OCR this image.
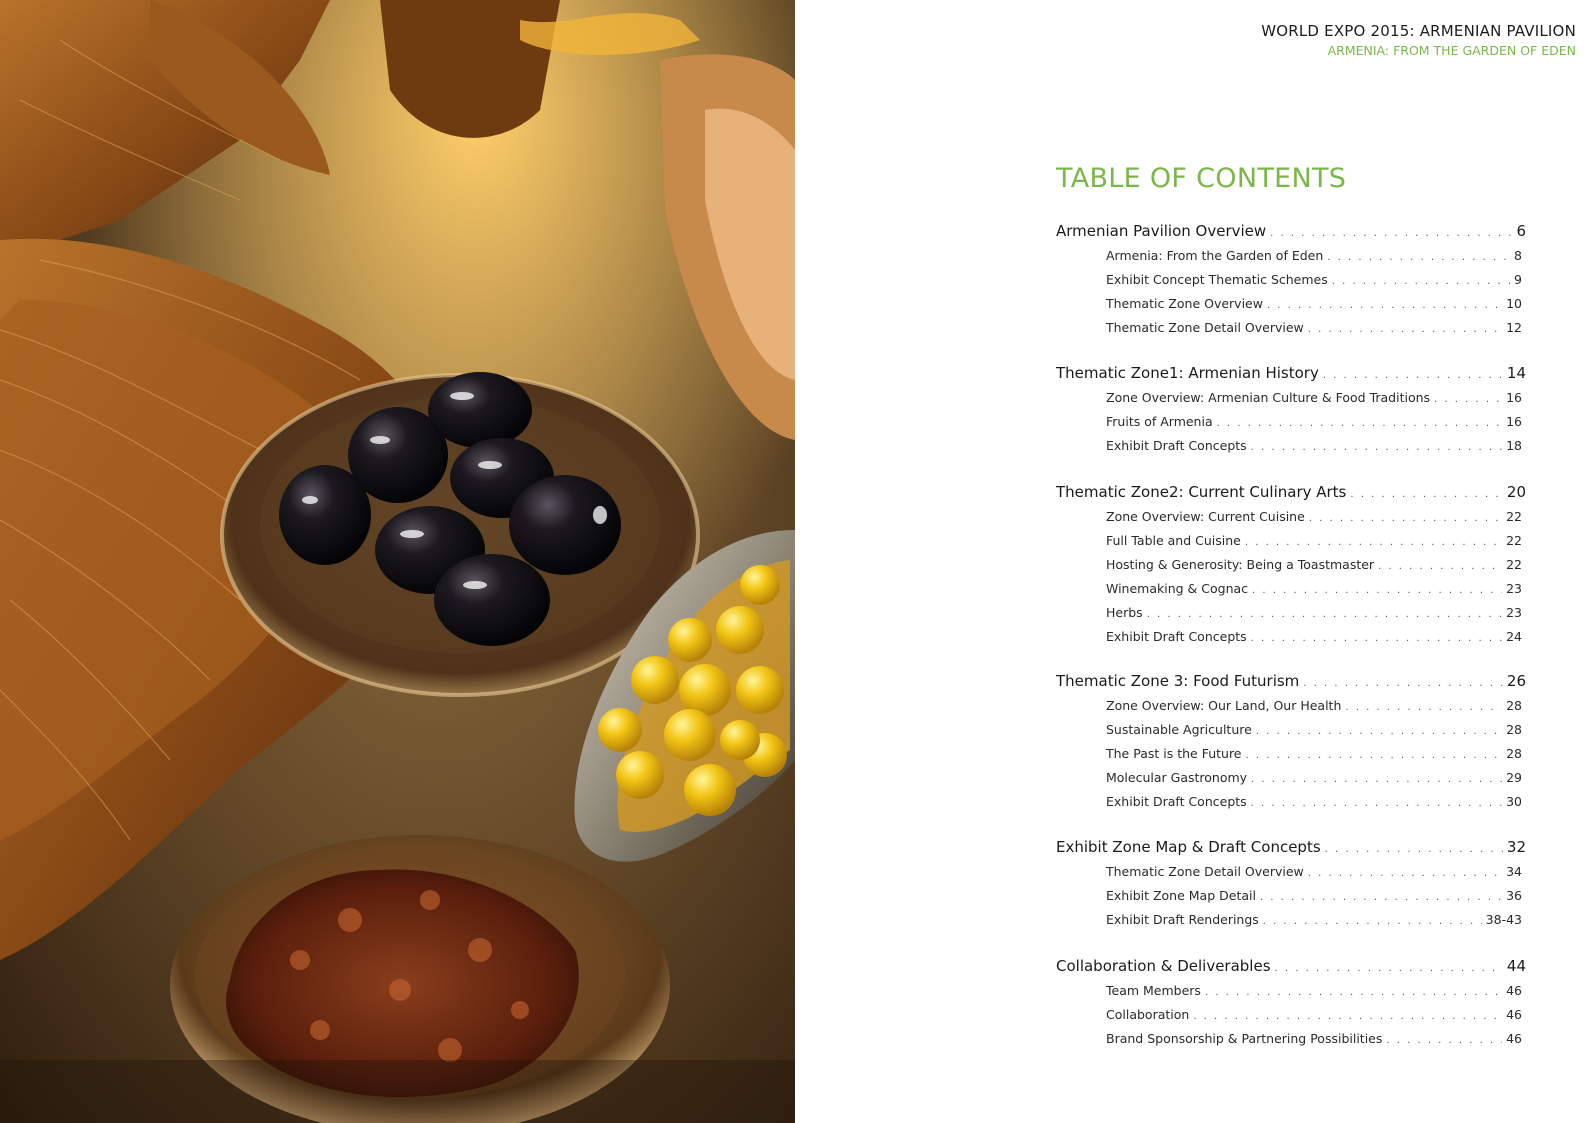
WORLD EXPO 2015: ARMENIAN PAVILION
ARMENIA: FROM THE GARDEN OF EDEN
TABLE OF CONTENTS
Armenian Pavilion Overview . . .	6
Armenia: From the Garden of Eden . . .	8
Exhibit Concept Thematic Schemes . . .	9
Thematic Zone Overview . . .	10
Thematic Zone Detail Overview . . .	12
Thematic Zone1: Armenian History . . .	14
Zone Overview: Armenian Culture & Food Traditions . . .	16
Fruits of Armenia . . .	16
Exhibit Draft Concepts . . .	18
Thematic Zone2: Current Culinary Arts . . .	20
Zone Overview: Current Cuisine . . .	22
Full Table and Cuisine . . .	22
Hosting & Generosity: Being a Toastmaster . . .	22
Winemaking & Cognac . . .	23
Herbs . . .	23
Exhibit Draft Concepts . . .	24
Thematic Zone 3: Food Futurism . . .	26
Zone Overview: Our Land, Our Health . . .	28
Sustainable Agriculture . . .	28
The Past is the Future . . .	28
Molecular Gastronomy . . .	29
Exhibit Draft Concepts . . .	30
Exhibit Zone Map & Draft Concepts . . .	32
Thematic Zone Detail Overview . . .	34
Exhibit Zone Map Detail . . .	36
Exhibit Draft Renderings . . .	38-43
Collaboration & Deliverables . . .	44
Team Members . . .	46
Collaboration . . .	46
Brand Sponsorship & Partnering Possibilities . . .	46
